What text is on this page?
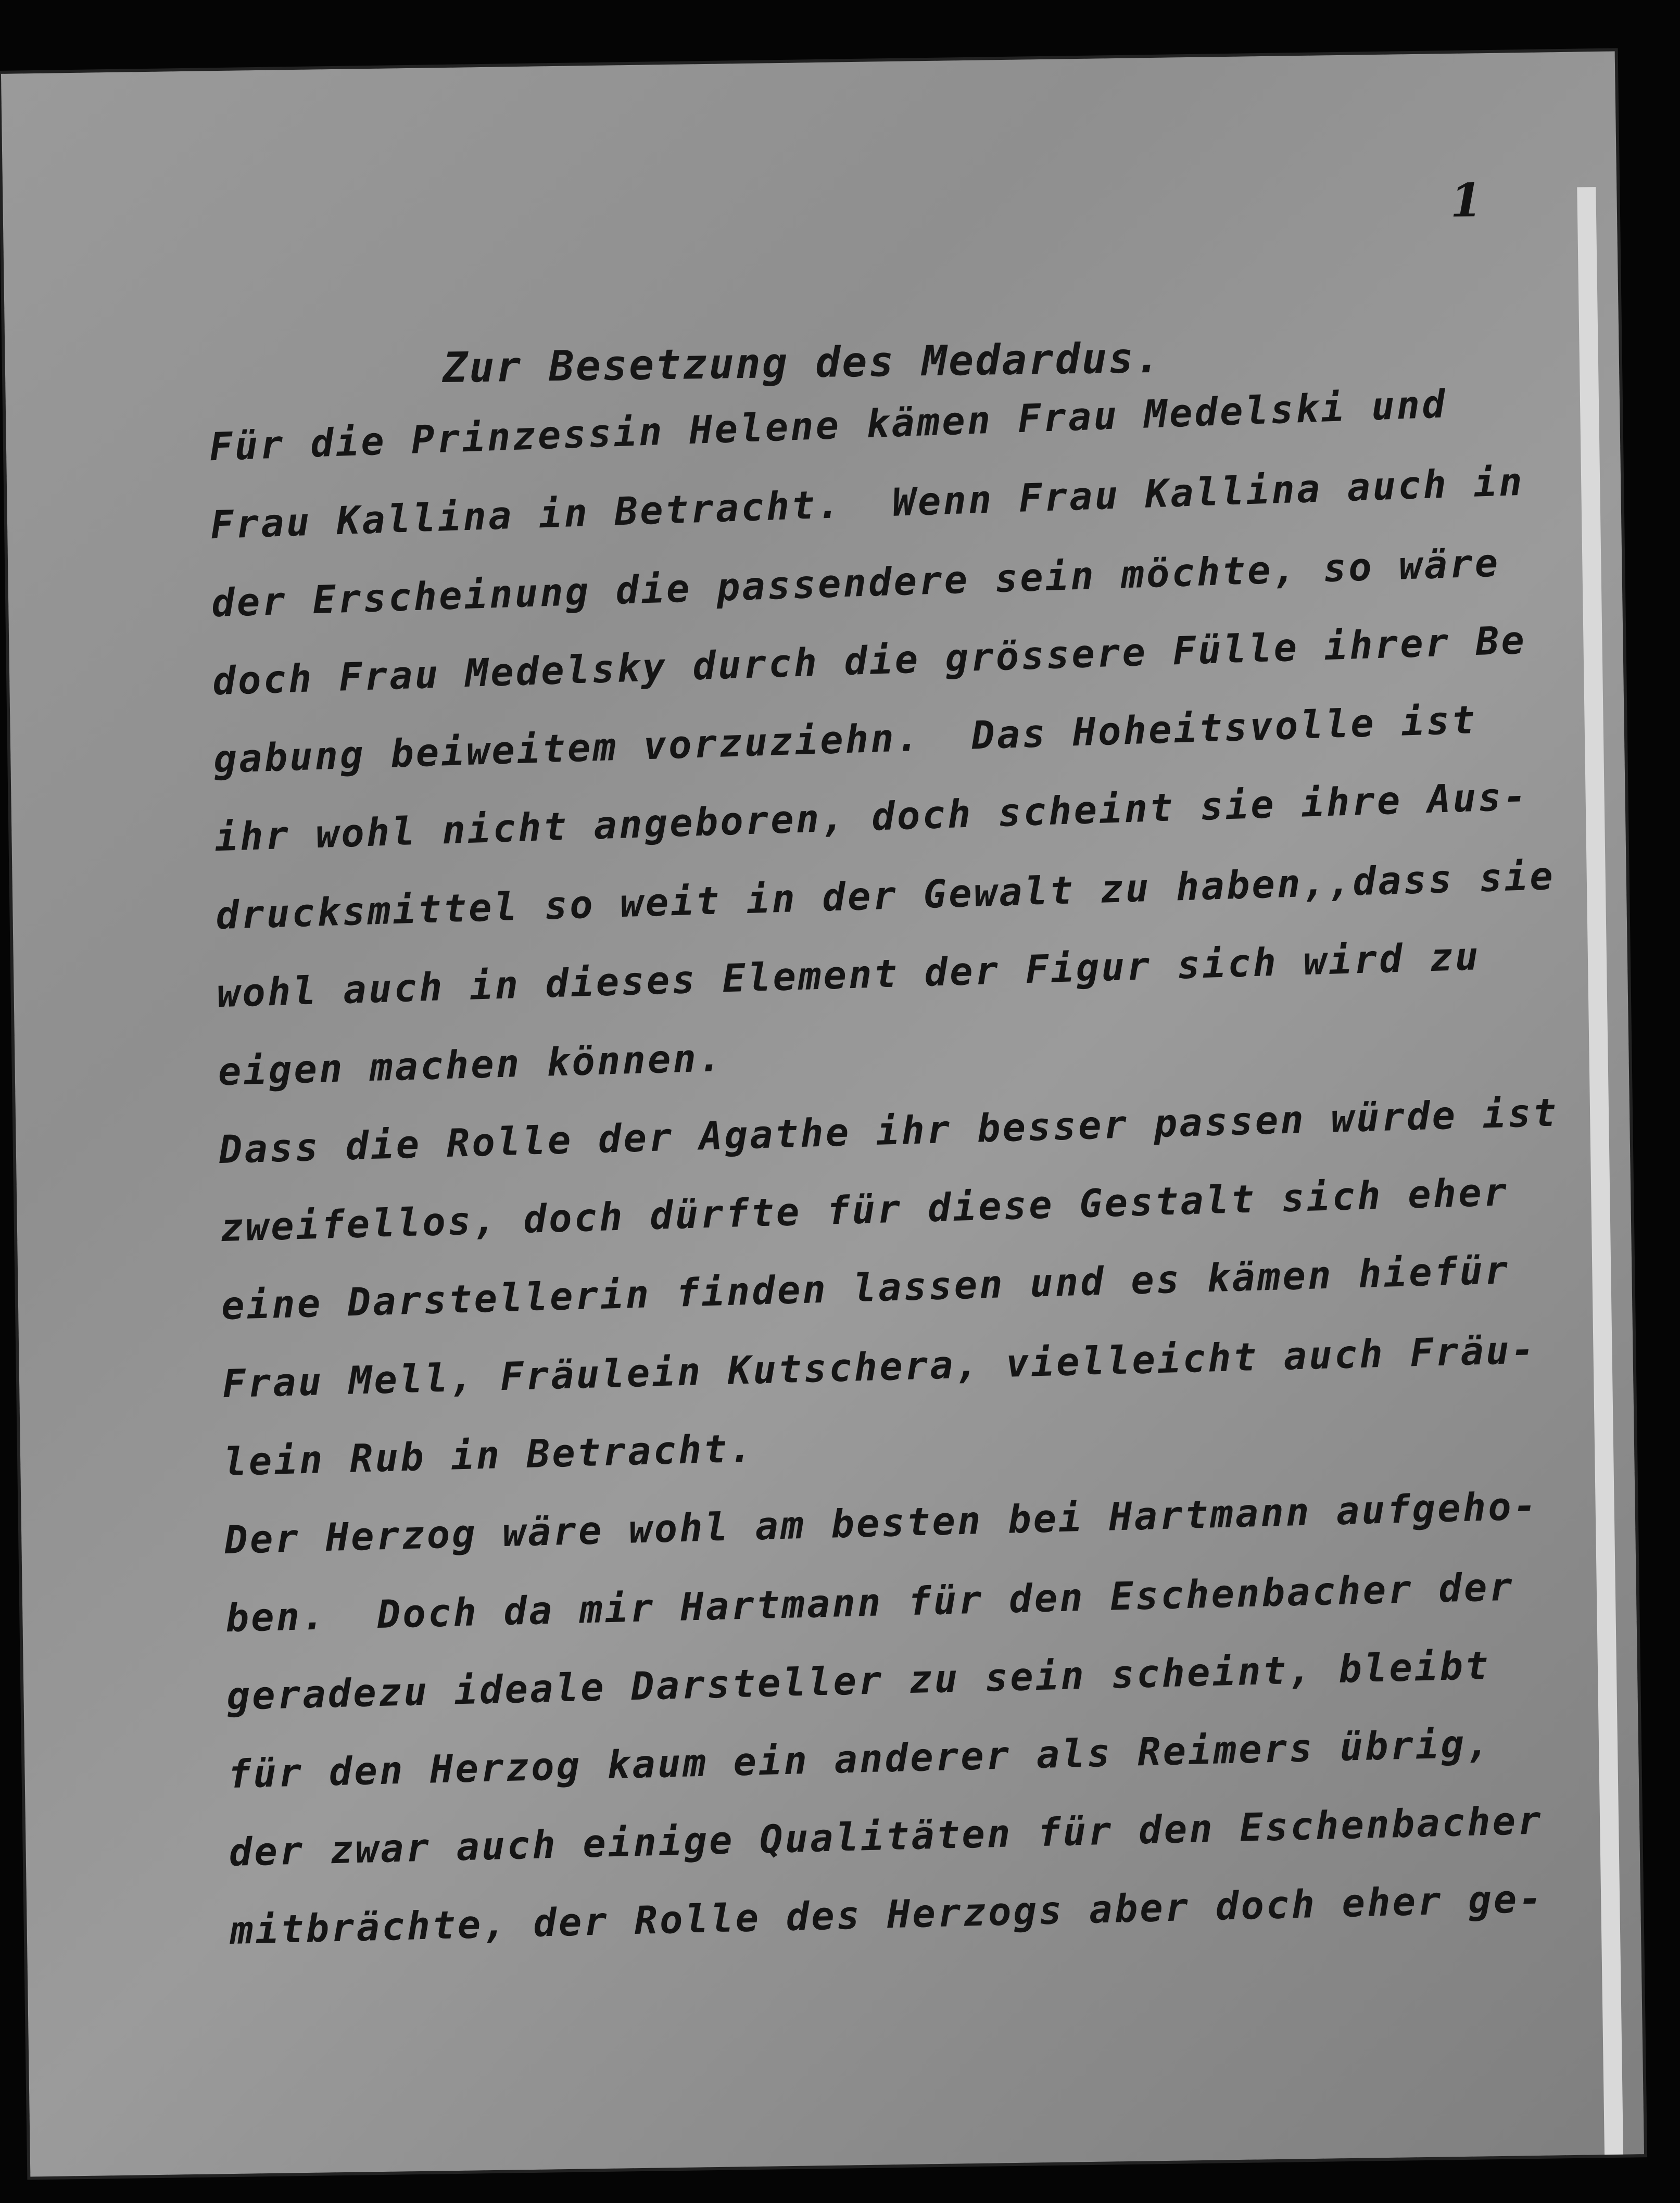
1
Zur Besetzung des Medardus.
Für die Prinzessin Helene kämen Frau Medelski und
Frau Kallina in Betracht.  Wenn Frau Kallina auch in
der Erscheinung die passendere sein möchte, so wäre
doch Frau Medelsky durch die grössere Fülle ihrer Be
gabung beiweitem vorzuziehn.  Das Hoheitsvolle ist
ihr wohl nicht angeboren, doch scheint sie ihre Aus-
drucksmittel so weit in der Gewalt zu haben,,dass sie
wohl auch in dieses Element der Figur sich wird zu
eigen machen können.
Dass die Rolle der Agathe ihr besser passen würde ist
zweifellos, doch dürfte für diese Gestalt sich eher
eine Darstellerin finden lassen und es kämen hiefür
Frau Mell, Fräulein Kutschera, vielleicht auch Fräu-
lein Rub in Betracht.
Der Herzog wäre wohl am besten bei Hartmann aufgeho-
ben.  Doch da mir Hartmann für den Eschenbacher der
geradezu ideale Darsteller zu sein scheint, bleibt
für den Herzog kaum ein anderer als Reimers übrig,
der zwar auch einige Qualitäten für den Eschenbacher
mitbrächte, der Rolle des Herzogs aber doch eher ge-
